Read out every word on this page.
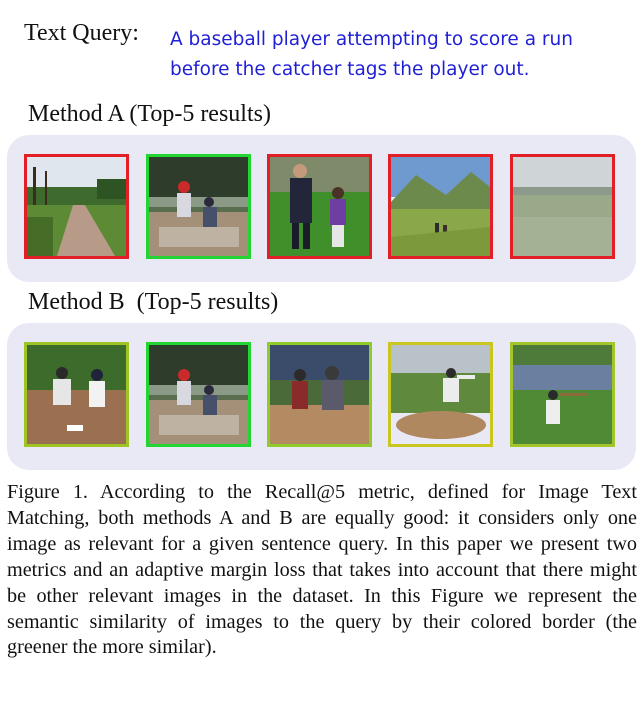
Text Query: A baseball player attempting to score a run
before the catcher tags the player out.
Method A (Top-5 results)
Method B  (Top-5 results)
Figure 1. According to the Recall@5 metric, defined for Image Text Matching, both methods A and B are equally good: it considers only one image as relevant for a given sentence query. In this paper we present two metrics and an adaptive margin loss that takes into account that there might be other relevant images in the dataset. In this Figure we represent the semantic similarity of images to the query by their colored border (the greener the more similar).
